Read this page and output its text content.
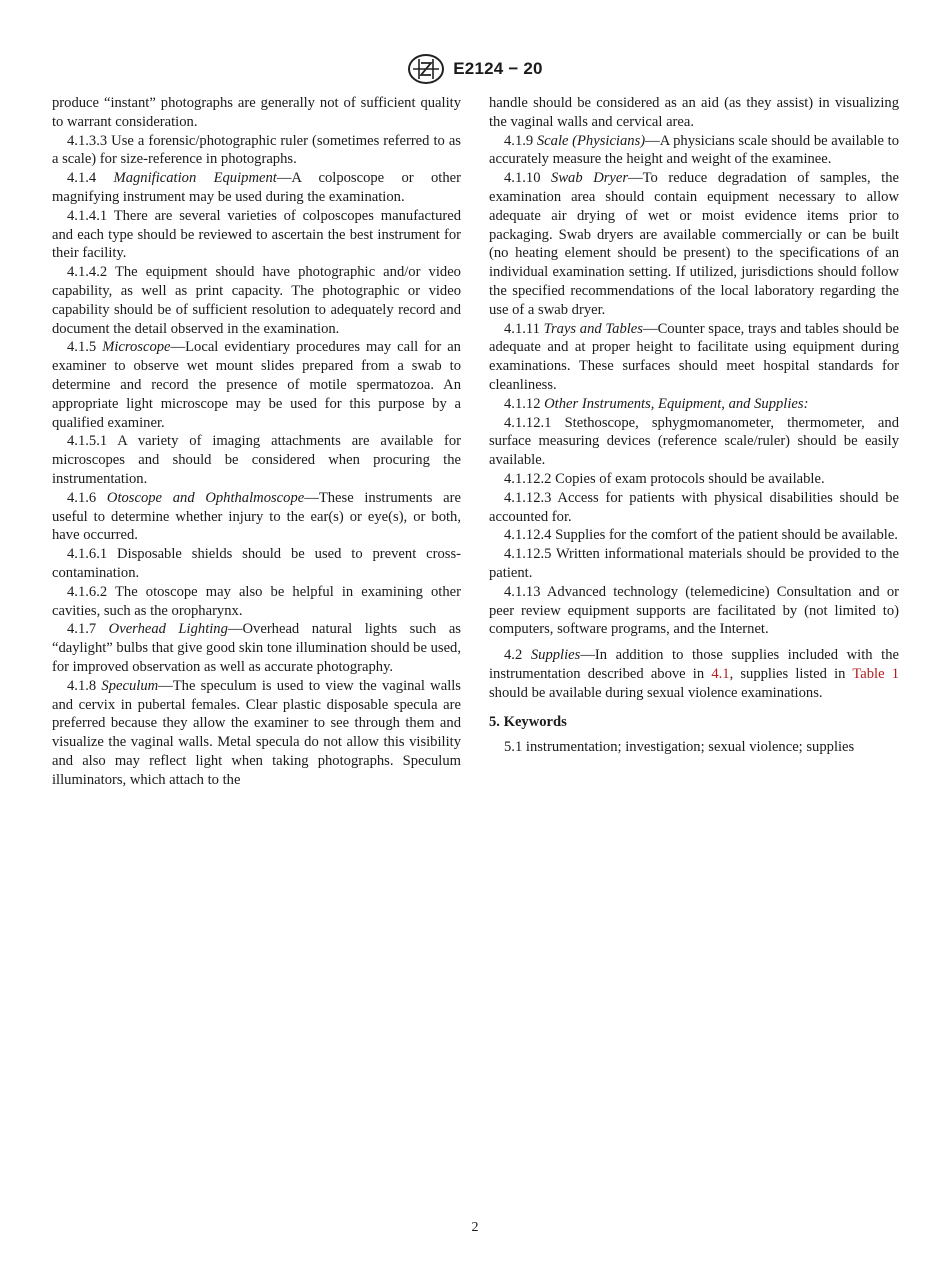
E2124 − 20

produce “instant” photographs are generally not of sufficient quality to warrant consideration.

4.1.3.3 Use a forensic/photographic ruler (sometimes referred to as a scale) for size-reference in photographs.

4.1.4 Magnification Equipment—A colposcope or other magnifying instrument may be used during the examination.

4.1.4.1 There are several varieties of colposcopes manufactured and each type should be reviewed to ascertain the best instrument for their facility.

4.1.4.2 The equipment should have photographic and/or video capability, as well as print capacity. The photographic or video capability should be of sufficient resolution to adequately record and document the detail observed in the examination.

4.1.5 Microscope—Local evidentiary procedures may call for an examiner to observe wet mount slides prepared from a swab to determine and record the presence of motile spermatozoa. An appropriate light microscope may be used for this purpose by a qualified examiner.

4.1.5.1 A variety of imaging attachments are available for microscopes and should be considered when procuring the instrumentation.

4.1.6 Otoscope and Ophthalmoscope—These instruments are useful to determine whether injury to the ear(s) or eye(s), or both, have occurred.

4.1.6.1 Disposable shields should be used to prevent cross-contamination.

4.1.6.2 The otoscope may also be helpful in examining other cavities, such as the oropharynx.

4.1.7 Overhead Lighting—Overhead natural lights such as “daylight” bulbs that give good skin tone illumination should be used, for improved observation as well as accurate photography.

4.1.8 Speculum—The speculum is used to view the vaginal walls and cervix in pubertal females. Clear plastic disposable specula are preferred because they allow the examiner to see through them and visualize the vaginal walls. Metal specula do not allow this visibility and also may reflect light when taking photographs. Speculum illuminators, which attach to the

handle should be considered as an aid (as they assist) in visualizing the vaginal walls and cervical area.

4.1.9 Scale (Physicians)—A physicians scale should be available to accurately measure the height and weight of the examinee.

4.1.10 Swab Dryer—To reduce degradation of samples, the examination area should contain equipment necessary to allow adequate air drying of wet or moist evidence items prior to packaging. Swab dryers are available commercially or can be built (no heating element should be present) to the specifications of an individual examination setting. If utilized, jurisdictions should follow the specified recommendations of the local laboratory regarding the use of a swab dryer.

4.1.11 Trays and Tables—Counter space, trays and tables should be adequate and at proper height to facilitate using equipment during examinations. These surfaces should meet hospital standards for cleanliness.

4.1.12 Other Instruments, Equipment, and Supplies:

4.1.12.1 Stethoscope, sphygmomanometer, thermometer, and surface measuring devices (reference scale/ruler) should be easily available.

4.1.12.2 Copies of exam protocols should be available.

4.1.12.3 Access for patients with physical disabilities should be accounted for.

4.1.12.4 Supplies for the comfort of the patient should be available.

4.1.12.5 Written informational materials should be provided to the patient.

4.1.13 Advanced technology (telemedicine) Consultation and or peer review equipment supports are facilitated by (not limited to) computers, software programs, and the Internet.

4.2 Supplies—In addition to those supplies included with the instrumentation described above in 4.1, supplies listed in Table 1 should be available during sexual violence examinations.

5. Keywords

5.1 instrumentation; investigation; sexual violence; supplies

2
